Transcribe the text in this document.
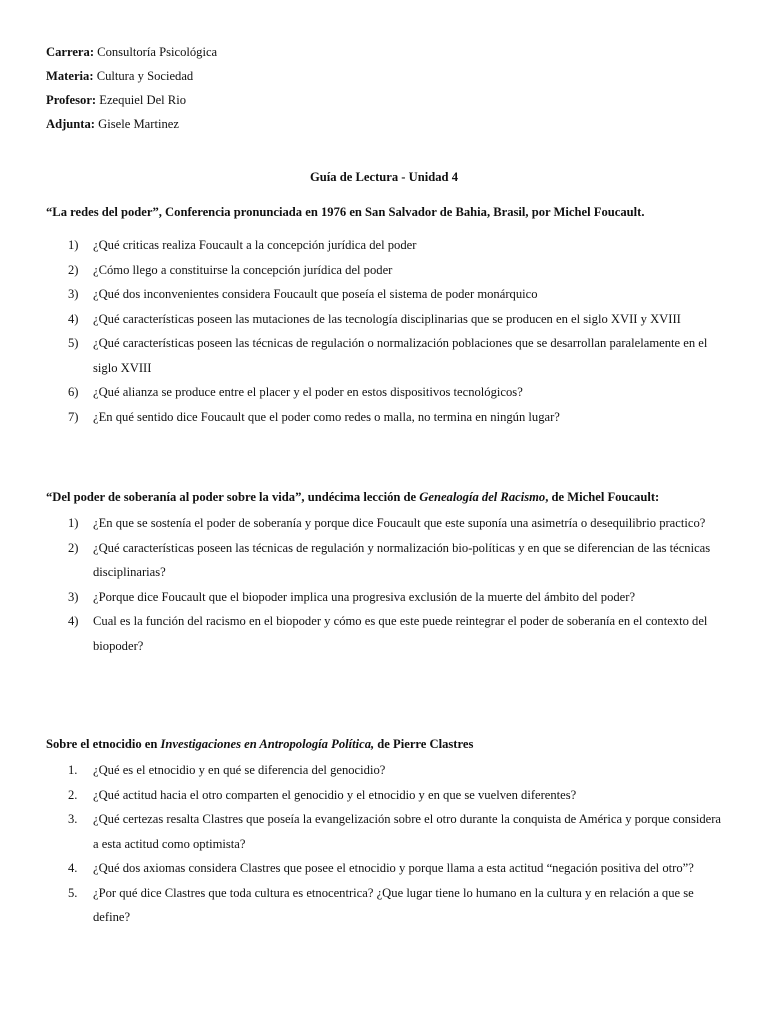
Carrera: Consultoría Psicológica
Materia: Cultura y Sociedad
Profesor: Ezequiel Del Rio
Adjunta: Gisele Martinez
Guía de Lectura - Unidad 4
“La redes del poder”, Conferencia pronunciada en 1976 en San Salvador de Bahia, Brasil, por Michel Foucault.
1) ¿Qué criticas realiza Foucault a la concepción jurídica del poder
2) ¿Cómo llego a constituirse la concepción jurídica del poder
3) ¿Qué dos inconvenientes considera Foucault que poseía el sistema de poder monárquico
4) ¿Qué características poseen las mutaciones de las tecnología disciplinarias que se producen en el siglo XVII y XVIII
5) ¿Qué características poseen las técnicas de regulación o normalización poblaciones que se desarrollan paralelamente en el siglo XVIII
6) ¿Qué alianza se produce entre el placer y el poder en estos dispositivos tecnológicos?
7) ¿En qué sentido dice Foucault que el poder como redes o malla, no termina en ningún lugar?
“Del poder de soberanía al poder sobre la vida”, undécima lección de Genealogía del Racismo, de Michel Foucault:
1) ¿En que se sostenía el poder de soberanía y porque dice Foucault que este suponía una asimetría o desequilibrio practico?
2) ¿Qué características poseen las técnicas de regulación y normalización bio-políticas y en que se diferencian de las técnicas disciplinarias?
3) ¿Porque dice Foucault que el biopoder implica una progresiva exclusión de la muerte del ámbito del poder?
4) Cual es la función del racismo en el biopoder y cómo es que este puede reintegrar el poder de soberanía en el contexto del biopoder?
Sobre el etnocidio en Investigaciones en Antropología Política, de Pierre Clastres
1. ¿Qué es el etnocidio y en qué se diferencia del genocidio?
2. ¿Qué actitud hacia el otro comparten el genocidio y el etnocidio y en que se vuelven diferentes?
3. ¿Qué certezas resalta Clastres que poseía la evangelización sobre el otro durante la conquista de América y porque considera a esta actitud como optimista?
4. ¿Qué dos axiomas considera Clastres que posee el etnocidio y porque llama a esta actitud “negación positiva del otro”?
5. ¿Por qué dice Clastres que toda cultura es etnocentrica? ¿Que lugar tiene lo humano en la cultura y en relación a que se define?
